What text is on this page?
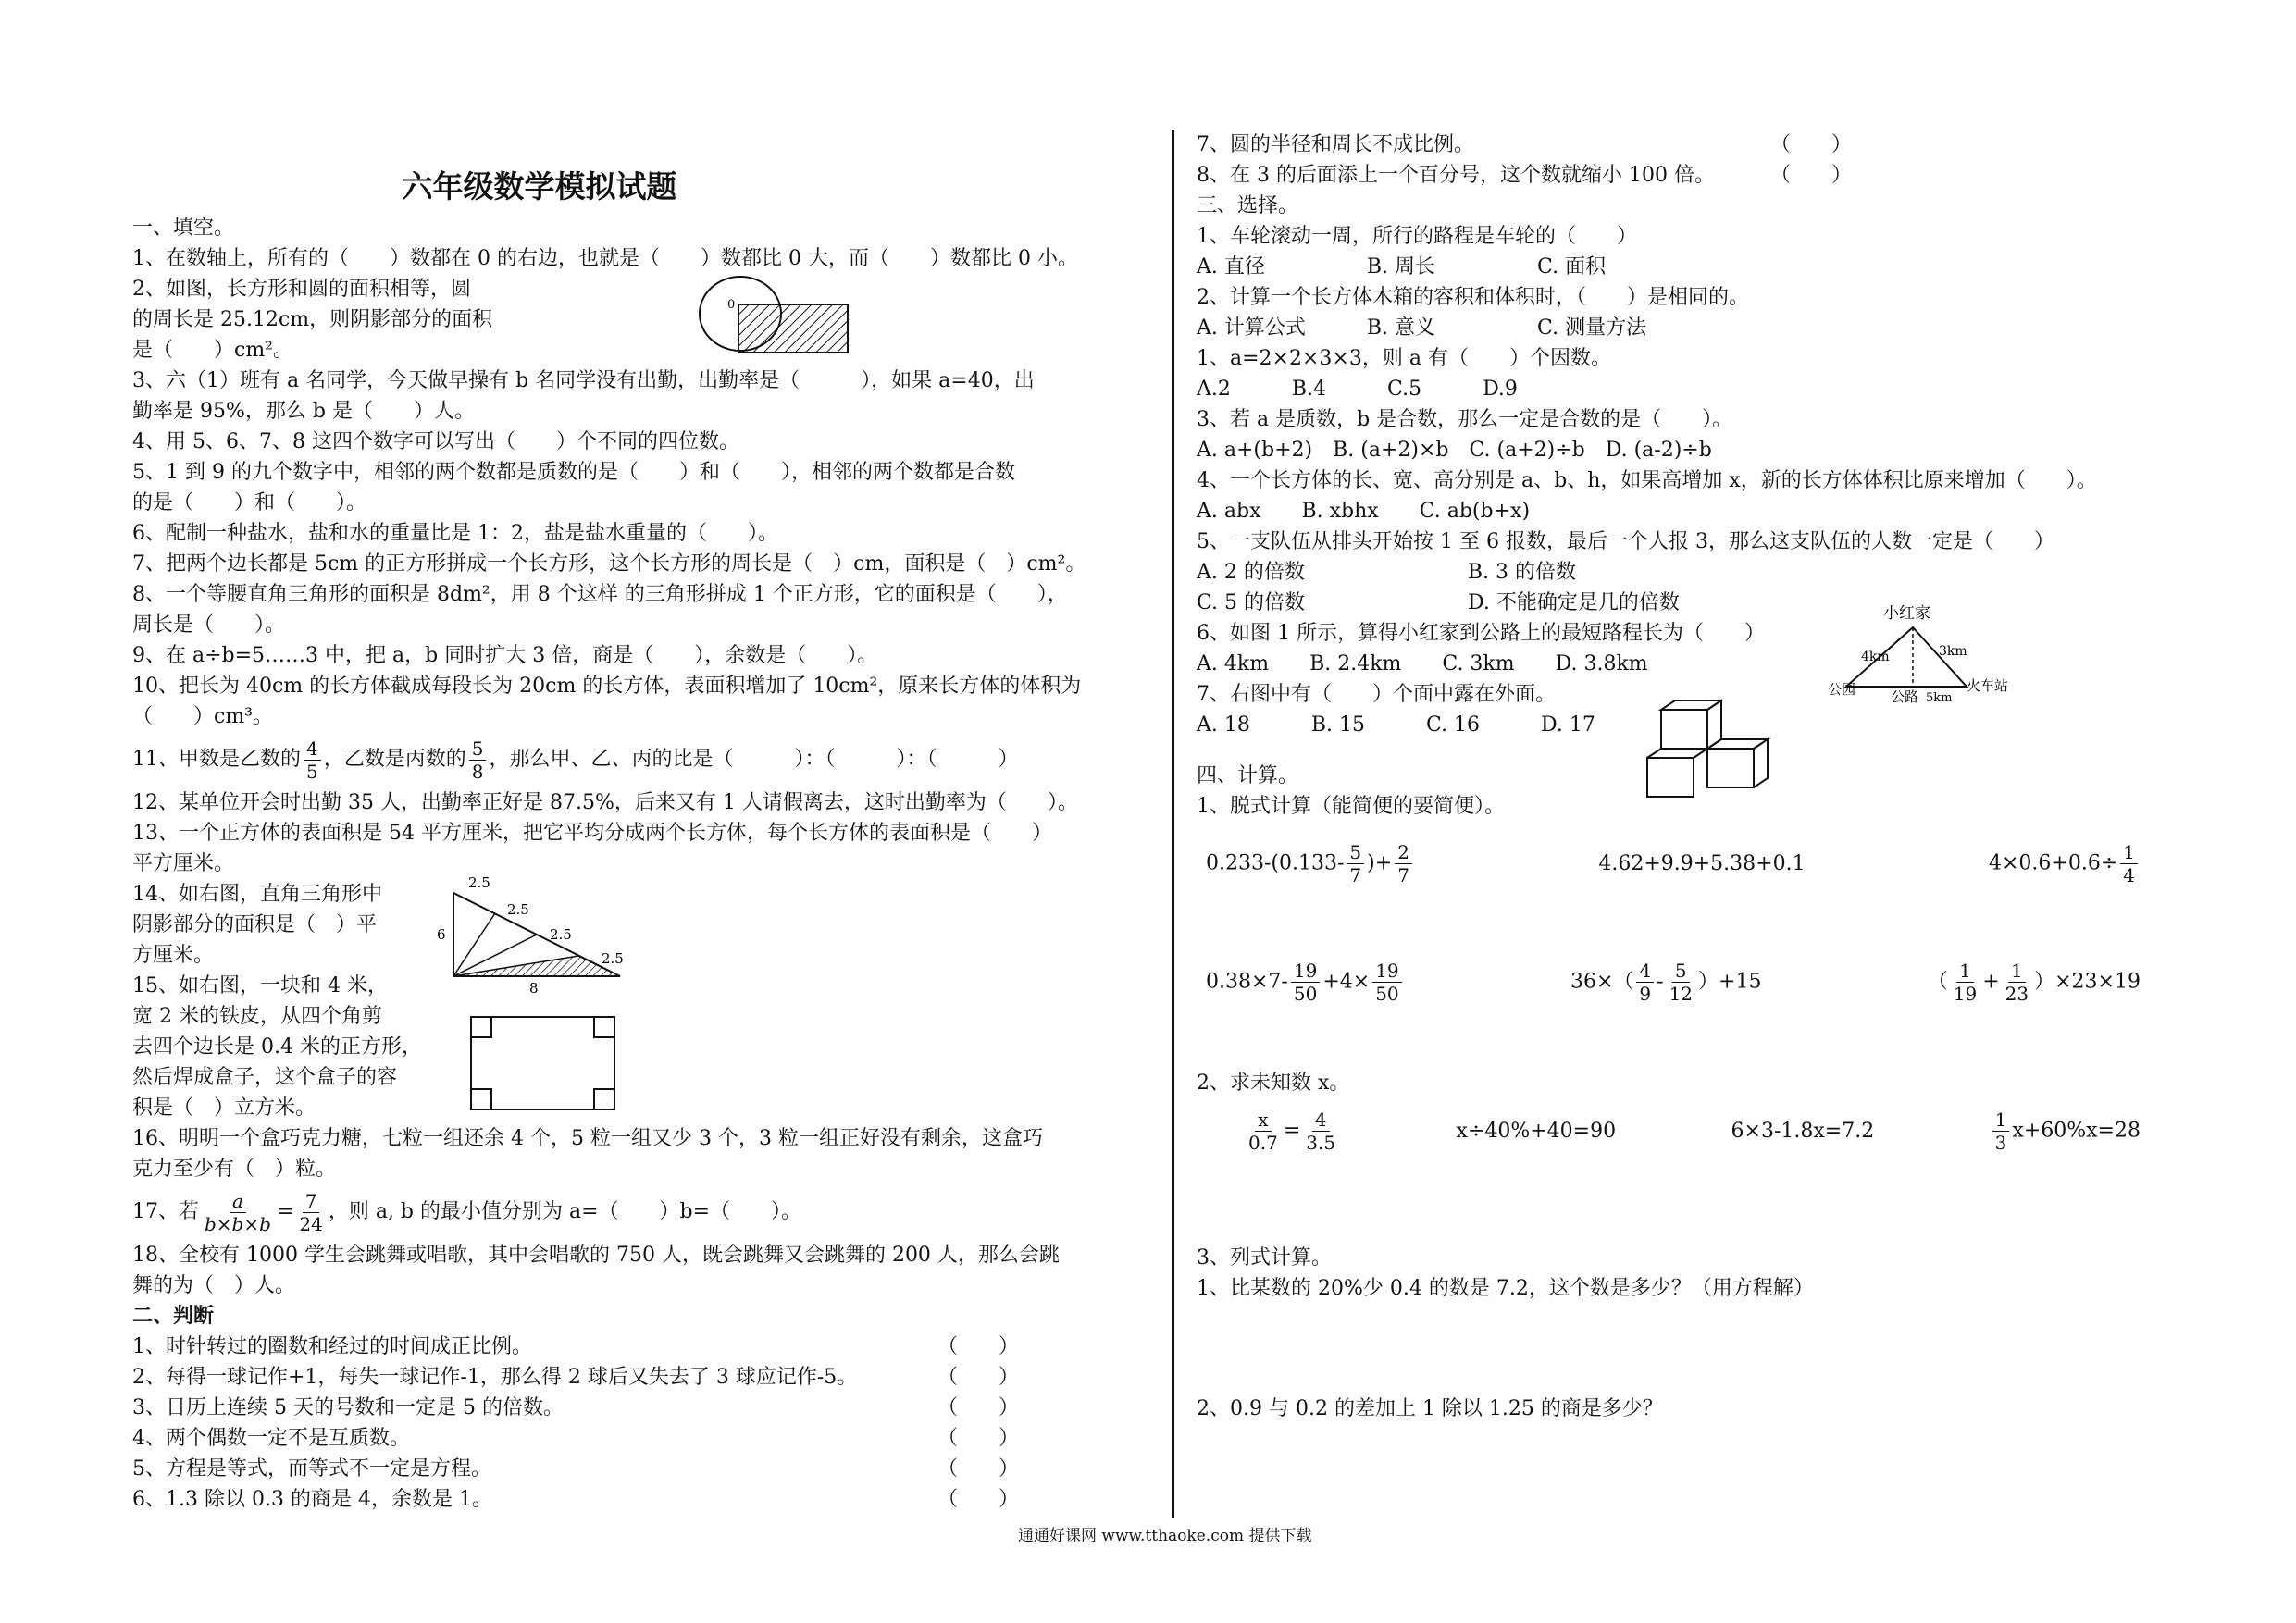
六年级数学模拟试题
一、填空。
1、在数轴上，所有的（　　）数都在 0 的右边，也就是（　　）数都比 0 大，而（　　）数都比 0 小。
2、如图，长方形和圆的面积相等，圆
的周长是 25.12cm，则阴影部分的面积
是（　　）cm²。
3、六（1）班有 a 名同学，今天做早操有 b 名同学没有出勤，出勤率是（　　　），如果 a=40，出
勤率是 95%，那么 b 是（　　）人。
4、用 5、6、7、8 这四个数字可以写出（　　）个不同的四位数。
5、1 到 9 的九个数字中，相邻的两个数都是质数的是（　　）和（　　），相邻的两个数都是合数
的是（　　）和（　　）。
6、配制一种盐水，盐和水的重量比是 1：2，盐是盐水重量的（　　）。
7、把两个边长都是 5cm 的正方形拼成一个长方形，这个长方形的周长是（　）cm，面积是（　）cm²。
8、一个等腰直角三角形的面积是 8dm²，用 8 个这样 的三角形拼成 1 个正方形，它的面积是（　　），
周长是（　　）。
9、在 a÷b=5……3 中，把 a，b 同时扩大 3 倍，商是（　　），余数是（　　）。
10、把长为 40cm 的长方体截成每段长为 20cm 的长方体，表面积增加了 10cm²，原来长方体的体积为
（　　）cm³。
11、甲数是乙数的 $\frac{4}{5}$ ，乙数是丙数的 $\frac{5}{8}$ ，那么甲、乙、丙的比是（　　　）：（　　　）：（　　　）
12、某单位开会时出勤 35 人，出勤率正好是 87.5%，后来又有 1 人请假离去，这时出勤率为（　　）。
13、一个正方体的表面积是 54 平方厘米，把它平均分成两个长方体，每个长方体的表面积是（　　）
平方厘米。
14、如右图，直角三角形中
阴影部分的面积是（　）平
方厘米。
15、如右图，一块和 4 米，
宽 2 米的铁皮，从四个角剪
去四个边长是 0.4 米的正方形，
然后焊成盒子，这个盒子的容
积是（　）立方米。
16、明明一个盒巧克力糖，七粒一组还余 4 个，5 粒一组又少 3 个，3 粒一组正好没有剩余，这盒巧
克力至少有（　）粒。
17、若 $\frac{a}{b\times b\times b} = \frac{7}{24}$ ，则 a, b 的最小值分别为 a=（　　）b=（　　）。
18、全校有 1000 学生会跳舞或唱歌，其中会唱歌的 750 人，既会跳舞又会跳舞的 200 人，那么会跳
舞的为（　）人。
二、判断
1、时针转过的圈数和经过的时间成正比例。	（　　）
2、每得一球记作+1，每失一球记作-1，那么得 2 球后又失去了 3 球应记作-5。	（　　）
3、日历上连续 5 天的号数和一定是 5 的倍数。	（　　）
4、两个偶数一定不是互质数。	（　　）
5、方程是等式，而等式不一定是方程。	（　　）
6、1.3 除以 0.3 的商是 4，余数是 1。	（　　）
0
2.5
2.5
2.5
2.5
6
8
7、圆的半径和周长不成比例。	（　　）
8、在 3 的后面添上一个百分号，这个数就缩小 100 倍。	（　　）
三、选择。
1、车轮滚动一周，所行的路程是车轮的（　　）
A. 直径　　　　　B. 周长　　　　　C. 面积
2、计算一个长方体木箱的容积和体积时，（　　）是相同的。
A. 计算公式　　　B. 意义　　　　　C. 测量方法
1、a=2×2×3×3，则 a 有（　　）个因数。
A.2　　　B.4　　　C.5　　　D.9
3、若 a 是质数，b 是合数，那么一定是合数的是（　　）。
A. a+(b+2)　B. (a+2)×b　C. (a+2)÷b　D. (a-2)÷b
4、一个长方体的长、宽、高分别是 a、b、h，如果高增加 x，新的长方体体积比原来增加（　　）。
A. abx　　B. xbhx　　C. ab(b+x)
5、一支队伍从排头开始按 1 至 6 报数，最后一个人报 3，那么这支队伍的人数一定是（　　）
A. 2 的倍数　　　　　　　　B. 3 的倍数
C. 5 的倍数　　　　　　　　D. 不能确定是几的倍数
6、如图 1 所示，算得小红家到公路上的最短路程长为（　　）
A. 4km　　B. 2.4km　　C. 3km　　D. 3.8km
7、右图中有（　　）个面中露在外面。
A. 18　　　B. 15　　　C. 16　　　D. 17
四、计算。
1、脱式计算（能简便的要简便）。
$0.233-(0.133- \frac{5}{7}$ )+ $\frac{2}{7}$	4.62+9.9+5.38+0.1	$4\times 0.6+0.6\div \frac{1}{4}$
$0.38\times 7- \frac{19}{50} +4\times \frac{19}{50}$	$36\times( \frac{4}{9} - \frac{5}{12} )+15$	（ $\frac{1}{19} + \frac{1}{23} )\times 23\times 19$
2、求未知数 x。
$\frac{x}{0.7} = \frac{4}{3.5}$	x÷40%+40=90	6×3-1.8x=7.2	$\frac{1}{3} x+60\%x=28$
3、列式计算。
1、比某数的 20%少 0.4 的数是 7.2，这个数是多少？（用方程解）
2、0.9 与 0.2 的差加上 1 除以 1.25 的商是多少？
小红家
4km	3km
公园	公路 5km
火车站
通通好课网 www.tthaoke.com 提供下载
